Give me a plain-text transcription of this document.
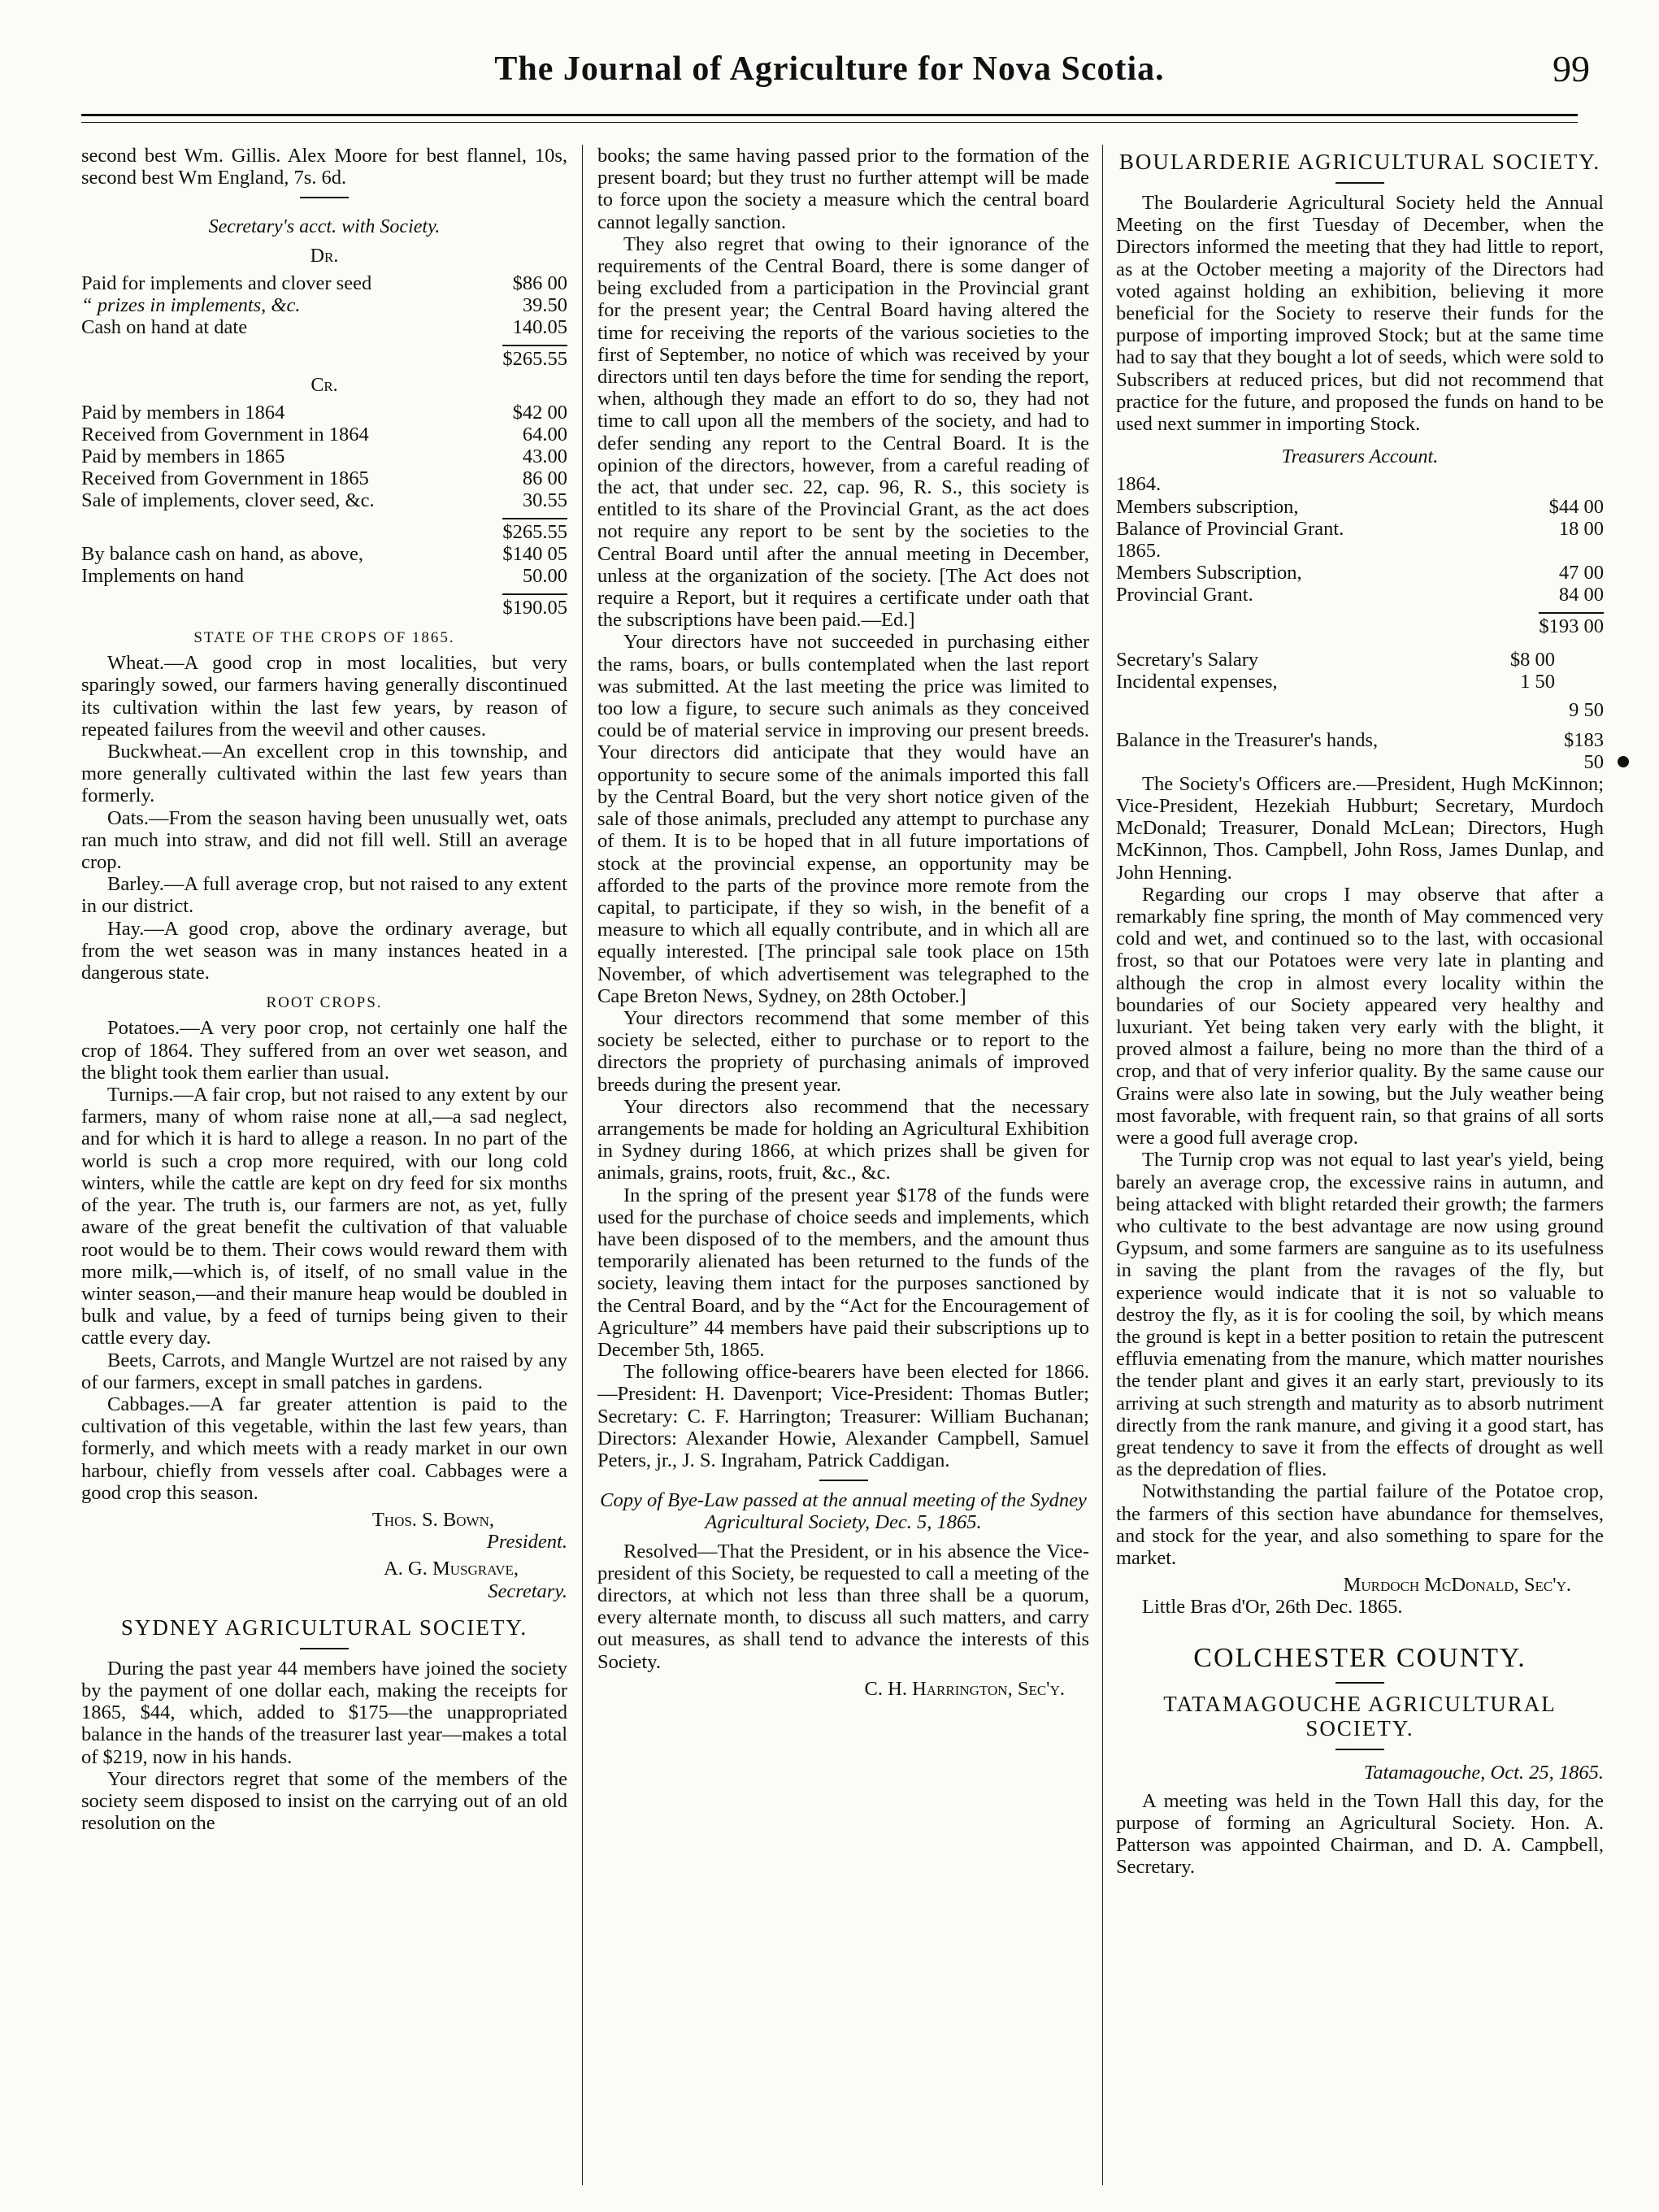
The Journal of Agriculture for Nova Scotia.	99

second best Wm. Gillis. Alex Moore for best flannel, 10s, second best Wm England, 7s. 6d.

Secretary's acct. with Society.
Dr.
Paid for implements and clover seed	$86 00
“ prizes in implements, &c.	39.50
Cash on hand at date	140.05
	$265.55
Cr.
Paid by members in 1864	$42 00
Received from Government in 1864	64.00
Paid by members in 1865	43.00
Received from Government in 1865	86 00
Sale of implements, clover seed, &c.	30.55
	$265.55
By balance cash on hand, as above,	$140 05
Implements on hand	50.00
	$190.05
STATE OF THE CROPS OF 1865.

Wheat.—A good crop in most localities, but very sparingly sowed, our farmers having generally discontinued its cultivation within the last few years, by reason of repeated failures from the weevil and other causes.

Buckwheat.—An excellent crop in this township, and more generally cultivated within the last few years than formerly.

Oats.—From the season having been unusually wet, oats ran much into straw, and did not fill well. Still an average crop.

Barley.—A full average crop, but not raised to any extent in our district.

Hay.—A good crop, above the ordinary average, but from the wet season was in many instances heated in a dangerous state.

ROOT CROPS.

Potatoes.—A very poor crop, not certainly one half the crop of 1864. They suffered from an over wet season, and the blight took them earlier than usual.

Turnips.—A fair crop, but not raised to any extent by our farmers, many of whom raise none at all,—a sad neglect, and for which it is hard to allege a reason. In no part of the world is such a crop more required, with our long cold winters, while the cattle are kept on dry feed for six months of the year. The truth is, our farmers are not, as yet, fully aware of the great benefit the cultivation of that valuable root would be to them. Their cows would reward them with more milk,—which is, of itself, of no small value in the winter season,—and their manure heap would be doubled in bulk and value, by a feed of turnips being given to their cattle every day.

Beets, Carrots, and Mangle Wurtzel are not raised by any of our farmers, except in small patches in gardens.

Cabbages.—A far greater attention is paid to the cultivation of this vegetable, within the last few years, than formerly, and which meets with a ready market in our own harbour, chiefly from vessels after coal. Cabbages were a good crop this season.

Thos. S. Bown,
President.
A. G. Musgrave,
Secretary.
SYDNEY AGRICULTURAL SOCIETY.

During the past year 44 members have joined the society by the payment of one dollar each, making the receipts for 1865, $44, which, added to $175—the unappropriated balance in the hands of the treasurer last year—makes a total of $219, now in his hands.

Your directors regret that some of the members of the society seem disposed to insist on the carrying out of an old resolution on the

books; the same having passed prior to the formation of the present board; but they trust no further attempt will be made to force upon the society a measure which the central board cannot legally sanction.

They also regret that owing to their ignorance of the requirements of the Central Board, there is some danger of being excluded from a participation in the Provincial grant for the present year; the Central Board having altered the time for receiving the reports of the various societies to the first of September, no notice of which was received by your directors until ten days before the time for sending the report, when, although they made an effort to do so, they had not time to call upon all the members of the society, and had to defer sending any report to the Central Board. It is the opinion of the directors, however, from a careful reading of the act, that under sec. 22, cap. 96, R. S., this society is entitled to its share of the Provincial Grant, as the act does not require any report to be sent by the societies to the Central Board until after the annual meeting in December, unless at the organization of the society. [The Act does not require a Report, but it requires a certificate under oath that the subscriptions have been paid.—Ed.]

Your directors have not succeeded in purchasing either the rams, boars, or bulls contemplated when the last report was submitted. At the last meeting the price was limited to too low a figure, to secure such animals as they conceived could be of material service in improving our present breeds. Your directors did anticipate that they would have an opportunity to secure some of the animals imported this fall by the Central Board, but the very short notice given of the sale of those animals, precluded any attempt to purchase any of them. It is to be hoped that in all future importations of stock at the provincial expense, an opportunity may be afforded to the parts of the province more remote from the capital, to participate, if they so wish, in the benefit of a measure to which all equally contribute, and in which all are equally interested. [The principal sale took place on 15th November, of which advertisement was telegraphed to the Cape Breton News, Sydney, on 28th October.]

Your directors recommend that some member of this society be selected, either to purchase or to report to the directors the propriety of purchasing animals of improved breeds during the present year.

Your directors also recommend that the necessary arrangements be made for holding an Agricultural Exhibition in Sydney during 1866, at which prizes shall be given for animals, grains, roots, fruit, &c., &c.

In the spring of the present year $178 of the funds were used for the purchase of choice seeds and implements, which have been disposed of to the members, and the amount thus temporarily alienated has been returned to the funds of the society, leaving them intact for the purposes sanctioned by the Central Board, and by the “Act for the Encouragement of Agriculture” 44 members have paid their subscriptions up to December 5th, 1865.

The following office-bearers have been elected for 1866.—President: H. Davenport; Vice-President: Thomas Butler; Secretary: C. F. Harrington; Treasurer: William Buchanan; Directors: Alexander Howie, Alexander Campbell, Samuel Peters, jr., J. S. Ingraham, Patrick Caddigan.

Copy of Bye-Law passed at the annual meeting of the Sydney Agricultural Society, Dec. 5, 1865.

Resolved—That the President, or in his absence the Vice-president of this Society, be requested to call a meeting of the directors, at which not less than three shall be a quorum, every alternate month, to discuss all such matters, and carry out measures, as shall tend to advance the interests of this Society.

C. H. Harrington, Sec'y.
BOULARDERIE AGRICULTURAL SOCIETY.

The Boularderie Agricultural Society held the Annual Meeting on the first Tuesday of December, when the Directors informed the meeting that they had little to report, as at the October meeting a majority of the Directors had voted against holding an exhibition, believing it more beneficial for the Society to reserve their funds for the purpose of importing improved Stock; but at the same time had to say that they bought a lot of seeds, which were sold to Subscribers at reduced prices, but did not recommend that practice for the future, and proposed the funds on hand to be used next summer in importing Stock.

Treasurers Account.
1864.
Members subscription,	$44 00
Balance of Provincial Grant.	18 00
1865.
Members Subscription,	47 00
Provincial Grant.	84 00
	$193 00
Secretary's Salary	$8 00	
Incidental expenses,	1 50	
		9 50
Balance in the Treasurer's hands,		$183 50

The Society's Officers are.—President, Hugh McKinnon; Vice-President, Hezekiah Hubburt; Secretary, Murdoch McDonald; Treasurer, Donald McLean; Directors, Hugh McKinnon, Thos. Campbell, John Ross, James Dunlap, and John Henning.

Regarding our crops I may observe that after a remarkably fine spring, the month of May commenced very cold and wet, and continued so to the last, with occasional frost, so that our Potatoes were very late in planting and although the crop in almost every locality within the boundaries of our Society appeared very healthy and luxuriant. Yet being taken very early with the blight, it proved almost a failure, being no more than the third of a crop, and that of very inferior quality. By the same cause our Grains were also late in sowing, but the July weather being most favorable, with frequent rain, so that grains of all sorts were a good full average crop.

The Turnip crop was not equal to last year's yield, being barely an average crop, the excessive rains in autumn, and being attacked with blight retarded their growth; the farmers who cultivate to the best advantage are now using ground Gypsum, and some farmers are sanguine as to its usefulness in saving the plant from the ravages of the fly, but experience would indicate that it is not so valuable to destroy the fly, as it is for cooling the soil, by which means the ground is kept in a better position to retain the putrescent effluvia emenating from the manure, which matter nourishes the tender plant and gives it an early start, previously to its arriving at such strength and maturity as to absorb nutriment directly from the rank manure, and giving it a good start, has great tendency to save it from the effects of drought as well as the depredation of flies.

Notwithstanding the partial failure of the Potatoe crop, the farmers of this section have abundance for themselves, and stock for the year, and also something to spare for the market.

Murdoch McDonald, Sec'y.

Little Bras d'Or, 26th Dec. 1865.

COLCHESTER COUNTY.
TATAMAGOUCHE AGRICULTURAL SOCIETY.
Tatamagouche, Oct. 25, 1865.

A meeting was held in the Town Hall this day, for the purpose of forming an Agricultural Society. Hon. A. Patterson was appointed Chairman, and D. A. Campbell, Secretary.
